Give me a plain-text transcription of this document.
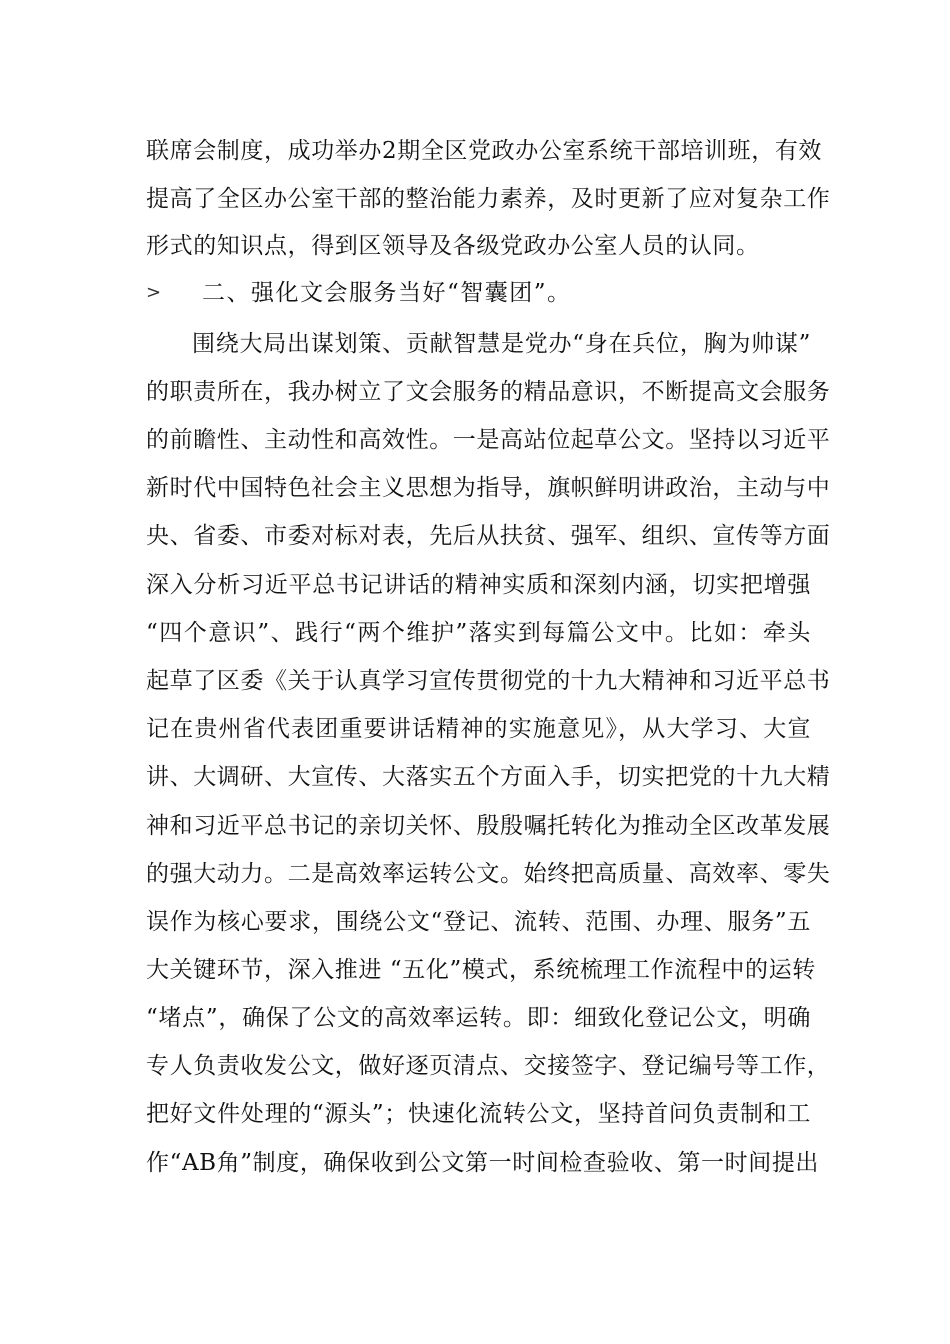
联席会制度，成功举办2期全区党政办公室系统干部培训班，有效
提高了全区办公室干部的整治能力素养，及时更新了应对复杂工作
形式的知识点，得到区领导及各级党政办公室人员的认同。
> 二、强化文会服务当好“智囊团”。
围绕大局出谋划策、贡献智慧是党办“身在兵位，胸为帅谋”
的职责所在，我办树立了文会服务的精品意识，不断提高文会服务
的前瞻性、主动性和高效性。一是高站位起草公文。坚持以习近平
新时代中国特色社会主义思想为指导，旗帜鲜明讲政治，主动与中
央、省委、市委对标对表，先后从扶贫、强军、组织、宣传等方面
深入分析习近平总书记讲话的精神实质和深刻内涵，切实把增强
“四个意识”、践行“两个维护”落实到每篇公文中。比如：牵头
起草了区委《关于认真学习宣传贯彻党的十九大精神和习近平总书
记在贵州省代表团重要讲话精神的实施意见》，从大学习、大宣
讲、大调研、大宣传、大落实五个方面入手，切实把党的十九大精
神和习近平总书记的亲切关怀、殷殷嘱托转化为推动全区改革发展
的强大动力。二是高效率运转公文。始终把高质量、高效率、零失
误作为核心要求，围绕公文“登记、流转、范围、办理、服务”五
大关键环节，深入推进 “五化”模式，系统梳理工作流程中的运转
“堵点”，确保了公文的高效率运转。即：细致化登记公文，明确
专人负责收发公文，做好逐页清点、交接签字、登记编号等工作，
把好文件处理的“源头”；快速化流转公文，坚持首问负责制和工
作“AB角”制度，确保收到公文第一时间检查验收、第一时间提出
